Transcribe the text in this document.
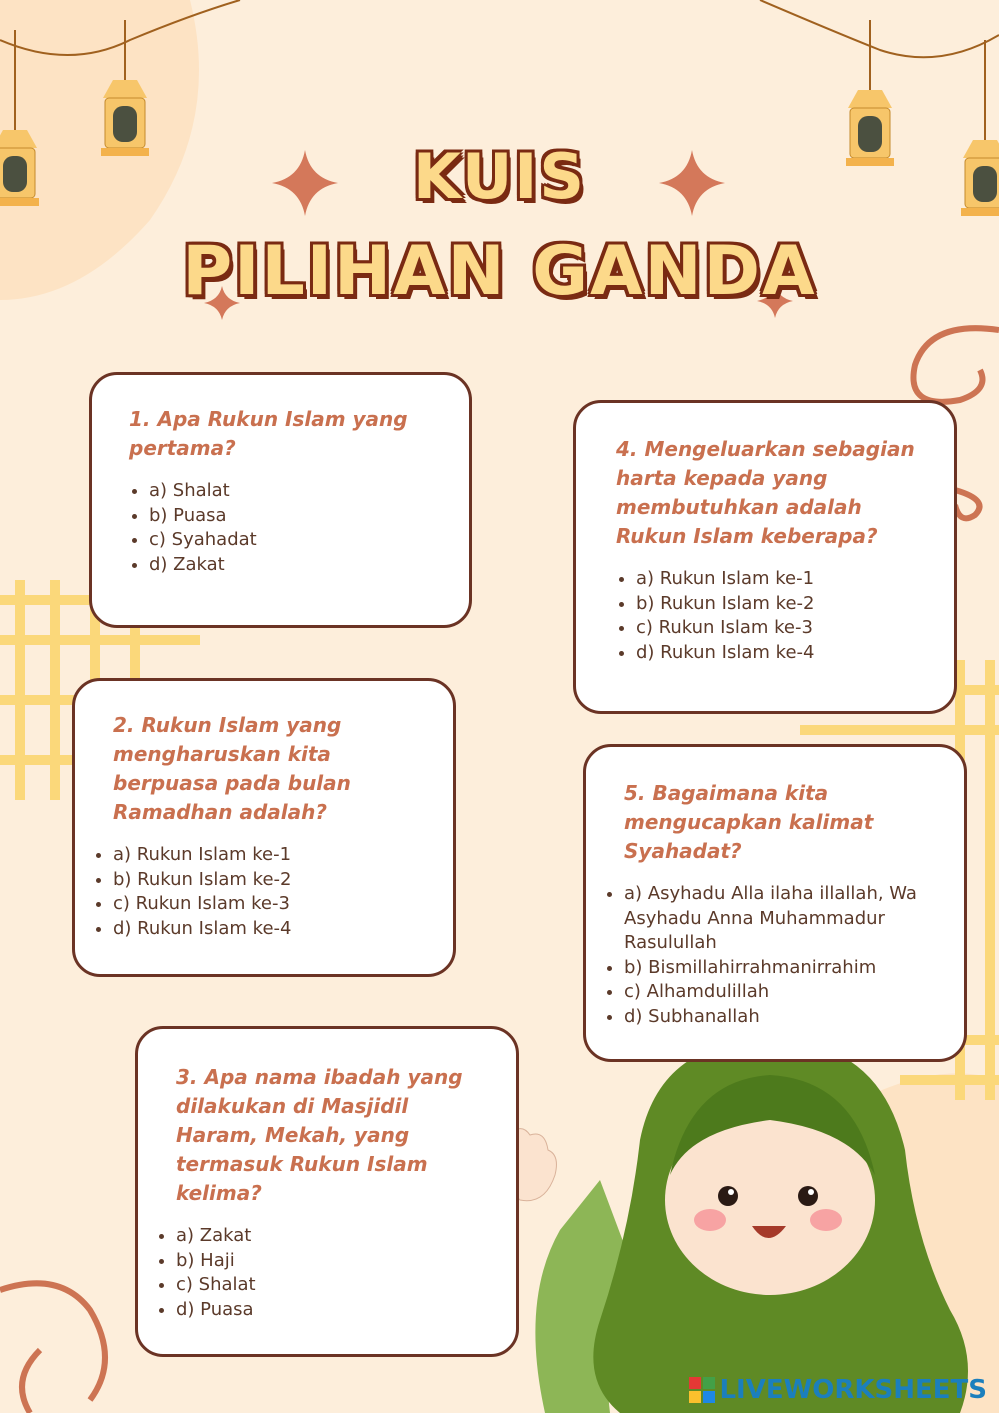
KUIS
PILIHAN GANDA

1. Apa Rukun Islam yang pertama?

• a) Shalat
• b) Puasa
• c) Syahadat
• d) Zakat

2. Rukun Islam yang mengharuskan kita berpuasa pada bulan Ramadhan adalah?

• a) Rukun Islam ke-1
• b) Rukun Islam ke-2
• c) Rukun Islam ke-3
• d) Rukun Islam ke-4

3. Apa nama ibadah yang dilakukan di Masjidil Haram, Mekah, yang termasuk Rukun Islam kelima?

• a) Zakat
• b) Haji
• c) Shalat
• d) Puasa

4. Mengeluarkan sebagian harta kepada yang membutuhkan adalah Rukun Islam keberapa?

• a) Rukun Islam ke-1
• b) Rukun Islam ke-2
• c) Rukun Islam ke-3
• d) Rukun Islam ke-4

5. Bagaimana kita mengucapkan kalimat Syahadat?

• a) Asyhadu Alla ilaha illallah, Wa Asyhadu Anna Muhammadur Rasulullah
• b) Bismillahirrahmanirrahim
• c) Alhamdulillah
• d) Subhanallah
LIVEWORKSHEETS
